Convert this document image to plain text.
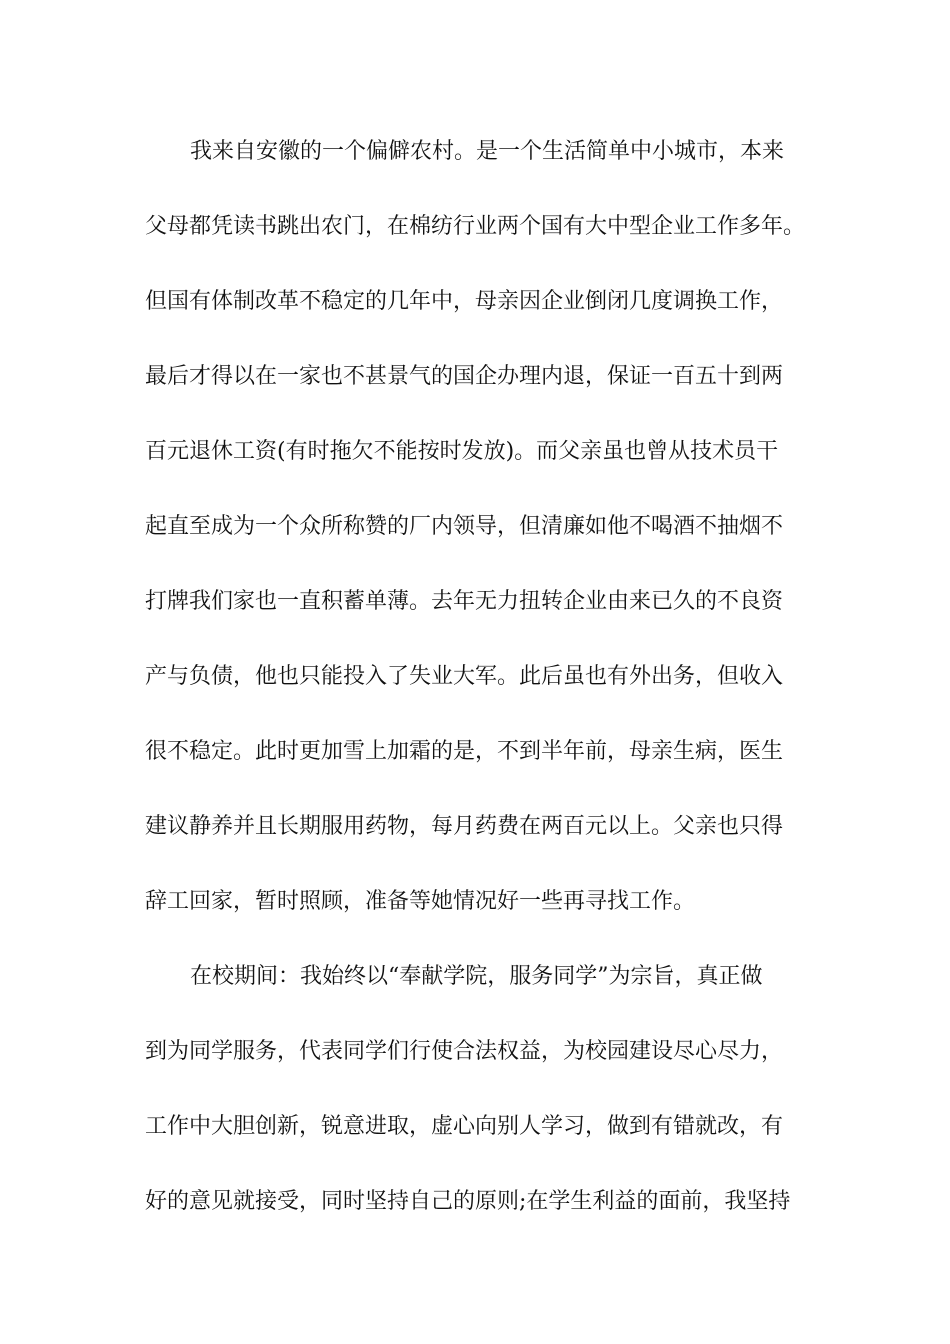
我来自安徽的一个偏僻农村。是一个生活简单中小城市，本来
父母都凭读书跳出农门，在棉纺行业两个国有大中型企业工作多年。
但国有体制改革不稳定的几年中，母亲因企业倒闭几度调换工作，
最后才得以在一家也不甚景气的国企办理内退，保证一百五十到两
百元退休工资(有时拖欠不能按时发放)。而父亲虽也曾从技术员干
起直至成为一个众所称赞的厂内领导，但清廉如他不喝酒不抽烟不
打牌我们家也一直积蓄单薄。去年无力扭转企业由来已久的不良资
产与负债，他也只能投入了失业大军。此后虽也有外出务，但收入
很不稳定。此时更加雪上加霜的是，不到半年前，母亲生病，医生
建议静养并且长期服用药物，每月药费在两百元以上。父亲也只得
辞工回家，暂时照顾，准备等她情况好一些再寻找工作。
在校期间：我始终以“奉献学院，服务同学”为宗旨，真正做
到为同学服务，代表同学们行使合法权益，为校园建设尽心尽力，
工作中大胆创新，锐意进取，虚心向别人学习，做到有错就改，有
好的意见就接受，同时坚持自己的原则;在学生利益的面前，我坚持
